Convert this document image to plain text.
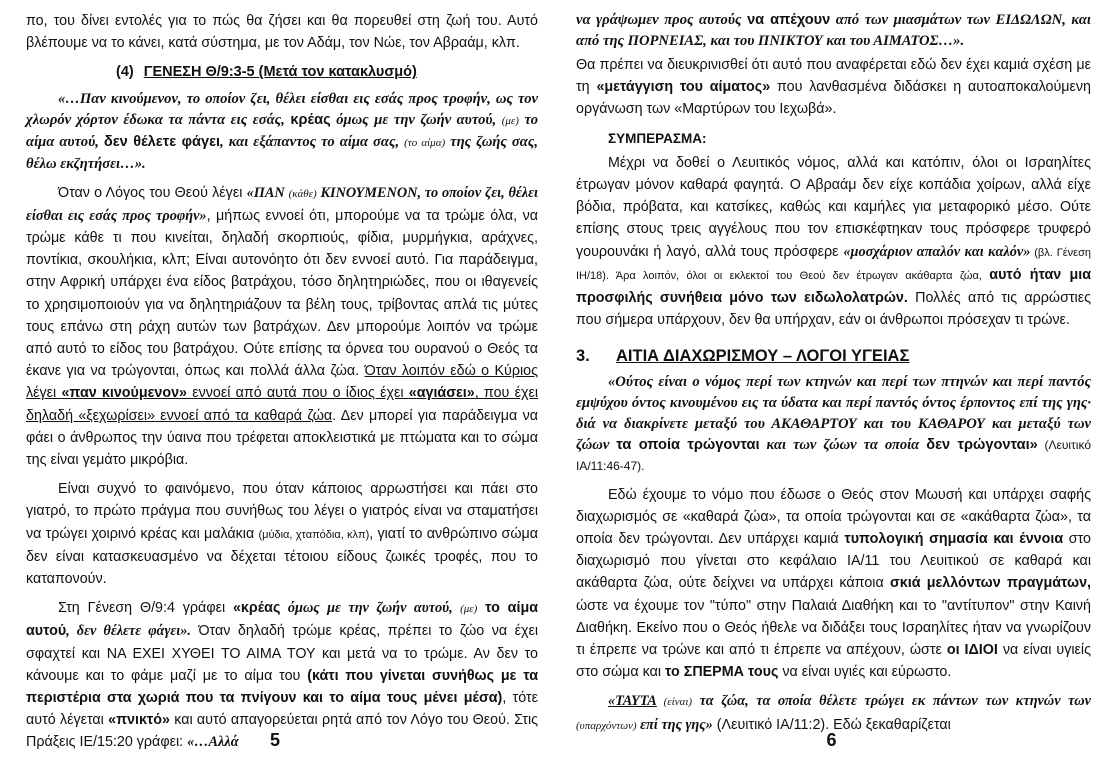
πο, του δίνει εντολές για το πώς θα ζήσει και θα πορευθεί στη ζωή του. Αυτό βλέπουμε να το κάνει, κατά σύστημα, με τον Αδάμ, τον Νώε, τον Αβραάμ, κλπ.

(4) ΓΕΝΕΣΗ Θ/9:3-5 (Μετά τον κατακλυσμό)

«…Παν κινούμενον, το οποίον ζει, θέλει είσθαι εις εσάς προς τροφήν, ως τον χλωρόν χόρτον έδωκα τα πάντα εις εσάς, κρέας όμως με την ζωήν αυτού, (με) το αίμα αυτού, δεν θέλετε φάγει, και εξάπαντος το αίμα σας, (το αίμα) της ζωής σας, θέλω εκζητήσει…».

Όταν ο Λόγος του Θεού λέγει «ΠΑΝ (κάθε) ΚΙΝΟΥΜΕΝΟΝ, το οποίον ζει, θέλει είσθαι εις εσάς προς τροφήν», μήπως εννοεί ότι, μπορούμε να τα τρώμε όλα, να τρώμε κάθε τι που κινείται, δηλαδή σκορπιούς, φίδια, μυρμήγκια, αράχνες, ποντίκια, σκουλήκια, κλπ; Είναι αυτονόητο ότι δεν εννοεί αυτό. Για παράδειγμα, στην Αφρική υπάρχει ένα είδος βατράχου, τόσο δηλητηριώδες, που οι ιθαγενείς το χρησιμοποιούν για να δηλητηριάζουν τα βέλη τους, τρίβοντας απλά τις μύτες τους επάνω στη ράχη αυτών των βατράχων. Δεν μπορούμε λοιπόν να τρώμε από αυτό το είδος του βατράχου. Ούτε επίσης τα όρνεα του ουρανού ο Θεός τα έκανε για να τρώγονται, όπως και πολλά άλλα ζώα. Όταν λοιπόν εδώ ο Κύριος λέγει «παν κινούμενον» εννοεί από αυτά που ο ίδιος έχει «αγιάσει», που έχει δηλαδή «ξεχωρίσει» εννοεί από τα καθαρά ζώα. Δεν μπορεί για παράδειγμα να φάει ο άνθρωπος την ύαινα που τρέφεται αποκλειστικά με πτώματα και το σώμα της είναι γεμάτο μικρόβια.

Είναι συχνό το φαινόμενο, που όταν κάποιος αρρωστήσει και πάει στο γιατρό, το πρώτο πράγμα που συνήθως του λέγει ο γιατρός είναι να σταματήσει να τρώγει χοιρινό κρέας και μαλάκια (μύδια, χταπόδια, κλπ), γιατί το ανθρώπινο σώμα δεν είναι κατασκευασμένο να δέχεται τέτοιου είδους ζωικές τροφές, που το καταπονούν.

Στη Γένεση Θ/9:4 γράφει «κρέας όμως με την ζωήν αυτού, (με) το αίμα αυτού, δεν θέλετε φάγει». Όταν δηλαδή τρώμε κρέας, πρέπει το ζώο να έχει σφαχτεί και ΝΑ ΕΧΕΙ ΧΥΘΕΙ ΤΟ ΑΙΜΑ ΤΟΥ και μετά να το τρώμε. Αν δεν το κάνουμε και το φάμε μαζί με το αίμα του (κάτι που γίνεται συνήθως με τα περιστέρια στα χωριά που τα πνίγουν και το αίμα τους μένει μέσα), τότε αυτό λέγεται «πνικτό» και αυτό απαγορεύεται ρητά από τον Λόγο του Θεού. Στις Πράξεις ΙΕ/15:20 γράφει: «…Αλλά	5

να γράψωμεν προς αυτούς να απέχουν από των μιασμάτων των ΕΙΔΩΛΩΝ, και από της ΠΟΡΝΕΙΑΣ, και του ΠΝΙΚΤΟΥ και του ΑΙΜΑΤΟΣ…».

Θα πρέπει να διευκρινισθεί ότι αυτό που αναφέρεται εδώ δεν έχει καμιά σχέση με τη «μετάγγιση του αίματος» που λανθασμένα διδάσκει η αυτοαποκαλούμενη οργάνωση των «Μαρτύρων του Ιεχωβά».

ΣΥΜΠΕΡΑΣΜΑ:

Μέχρι να δοθεί ο Λευιτικός νόμος, αλλά και κατόπιν, όλοι οι Ισραηλίτες έτρωγαν μόνον καθαρά φαγητά. Ο Αβραάμ δεν είχε κοπάδια χοίρων, αλλά είχε βόδια, πρόβατα, και κατσίκες, καθώς και καμήλες για μεταφορικό μέσο. Ούτε επίσης στους τρεις αγγέλους που τον επισκέφτηκαν τους πρόσφερε τρυφερό γουρουνάκι ή λαγό, αλλά τους πρόσφερε «μοσχάριον απαλόν και καλόν» (βλ. Γένεση ΙΗ/18). Άρα λοιπόν, όλοι οι εκλεκτοί του Θεού δεν έτρωγαν ακάθαρτα ζώα, αυτό ήταν μια προσφιλής συνήθεια μόνο των ειδωλολατρών. Πολλές από τις αρρώστιες που σήμερα υπάρχουν, δεν θα υπήρχαν, εάν οι άνθρωποι πρόσεχαν τι τρώνε.

3. ΑΙΤΙΑ ΔΙΑΧΩΡΙΣΜΟΥ – ΛΟΓΟΙ ΥΓΕΙΑΣ

«Ούτος είναι ο νόμος περί των κτηνών και περί των πτηνών και περί παντός εμψύχου όντος κινουμένου εις τα ύδατα και περί παντός όντος έρποντος επί της γης· διά να διακρίνετε μεταξύ του ΑΚΑΘΑΡΤΟΥ και του ΚΑΘΑΡΟΥ και μεταξύ των ζώων τα οποία τρώγονται και των ζώων τα οποία δεν τρώγονται» (Λευιτικό ΙΑ/11:46-47).

Εδώ έχουμε το νόμο που έδωσε ο Θεός στον Μωυσή και υπάρχει σαφής διαχωρισμός σε «καθαρά ζώα», τα οποία τρώγονται και σε «ακάθαρτα ζώα», τα οποία δεν τρώγονται. Δεν υπάρχει καμιά τυπολογική σημασία και έννοια στο διαχωρισμό που γίνεται στο κεφάλαιο ΙΑ/11 του Λευιτικού σε καθαρά και ακάθαρτα ζώα, ούτε δείχνει να υπάρχει κάποια σκιά μελλόντων πραγμάτων, ώστε να έχουμε τον "τύπο" στην Παλαιά Διαθήκη και το "αντίτυπον" στην Καινή Διαθήκη. Εκείνο που ο Θεός ήθελε να διδάξει τους Ισραηλίτες ήταν να γνωρίζουν τι έπρεπε να τρώνε και από τι έπρεπε να απέχουν, ώστε οι ΙΔΙΟΙ να είναι υγιείς στο σώμα και το ΣΠΕΡΜΑ τους να είναι υγιές και εύρωστο.

«ΤΑΥΤΑ (είναι) τα ζώα, τα οποία θέλετε τρώγει εκ πάντων των κτηνών των (υπαρχόντων) επί της γης» (Λευιτικό ΙΑ/11:2). Εδώ ξεκαθαρίζεται

6
